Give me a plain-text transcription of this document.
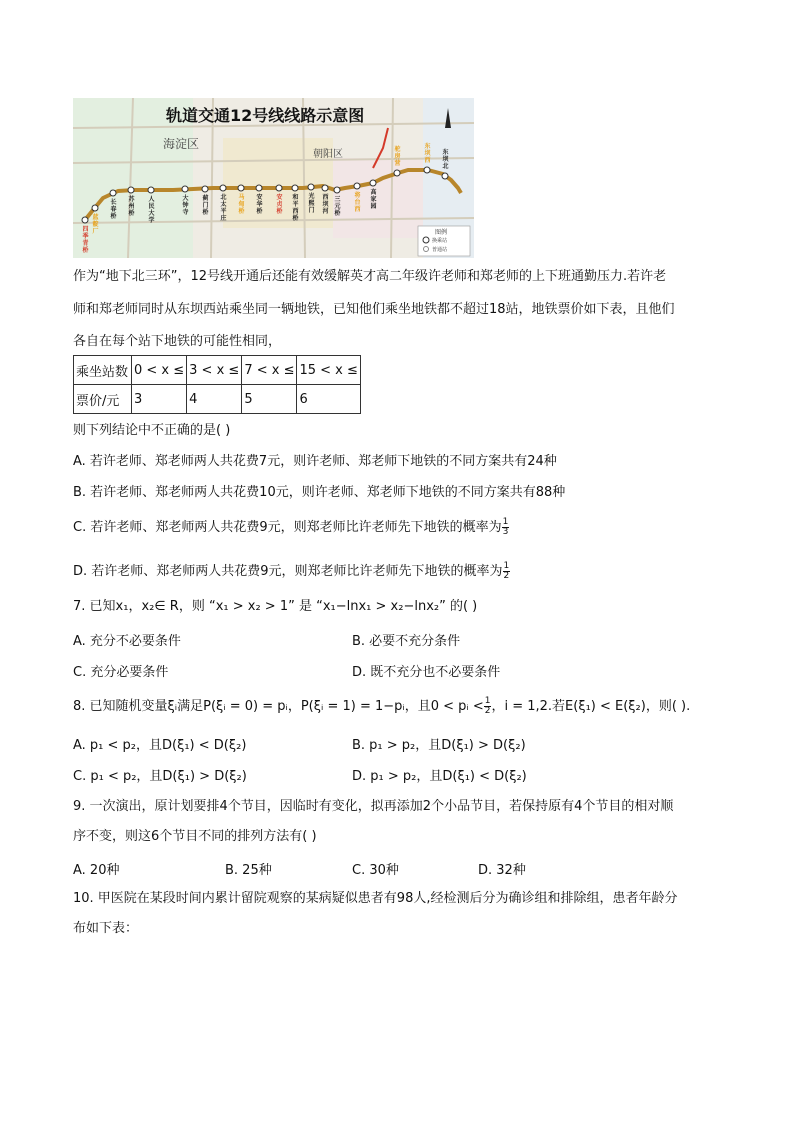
轨道交通12号线线路示意图
海淀区
朝阳区
图例
换乘站
普通站
四季青桥
蓝靛厂
长春桥
苏州桥
人民大学
大钟寺
蓟门桥
北太平庄
马甸桥
安华桥
安贞桥
和平西桥
光熙门
西坝河
三元桥
将台西
高家园
驼房营
东坝西
东坝北
作为“地下北三环”，12号线开通后还能有效缓解英才高二年级许老师和郑老师的上下班通勤压力.若许老
师和郑老师同时从东坝西站乘坐同一辆地铁，已知他们乘坐地铁都不超过18站，地铁票价如下表，且他们
各自在每个站下地铁的可能性相同，
乘坐站数	0 < x ≤	3 < x ≤	7 < x ≤	15 < x ≤
票价/元	3	4	5	6
则下列结论中不正确的是( )
A. 若许老师、郑老师两人共花费7元，则许老师、郑老师下地铁的不同方案共有24种
B. 若许老师、郑老师两人共花费10元，则许老师、郑老师下地铁的不同方案共有88种
C. 若许老师、郑老师两人共花费9元，则郑老师比许老师先下地铁的概率为 $\frac{1}{3}$
D. 若许老师、郑老师两人共花费9元，则郑老师比许老师先下地铁的概率为 $\frac{1}{2}$
7. 已知x₁，x₂∈ R，则 “x₁ > x₂ > 1” 是 “x₁−lnx₁ > x₂−lnx₂” 的( )
A. 充分不必要条件	B. 必要不充分条件
C. 充分必要条件	D. 既不充分也不必要条件
8. 已知随机变量ξᵢ满足P(ξᵢ = 0) = pᵢ，P(ξᵢ = 1) = 1−pᵢ，且0 < pᵢ < $\frac{1}{2}$ ，i = 1,2.若E(ξ₁) < E(ξ₂)，则( ).
A. p₁ < p₂，且D(ξ₁) < D(ξ₂)	B. p₁ > p₂，且D(ξ₁) > D(ξ₂)
C. p₁ < p₂，且D(ξ₁) > D(ξ₂)	D. p₁ > p₂，且D(ξ₁) < D(ξ₂)
9. 一次演出，原计划要排4个节目，因临时有变化，拟再添加2个小品节目，若保持原有4个节目的相对顺
序不变，则这6个节目不同的排列方法有( )
A. 20种	B. 25种	C. 30种	D. 32种
10. 甲医院在某段时间内累计留院观察的某病疑似患者有98人,经检测后分为确诊组和排除组，患者年龄分
布如下表：
